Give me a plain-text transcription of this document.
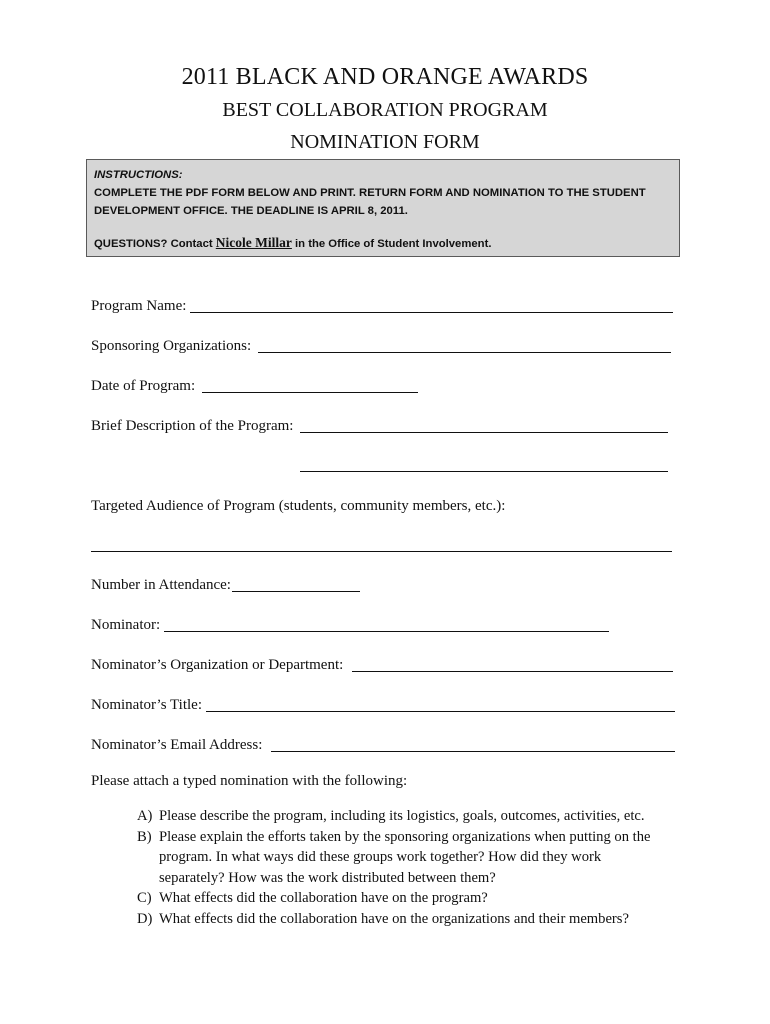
2011 BLACK AND ORANGE AWARDS
BEST COLLABORATION PROGRAM
NOMINATION FORM
INSTRUCTIONS:
COMPLETE THE PDF FORM BELOW AND PRINT. RETURN FORM AND NOMINATION TO THE STUDENT
DEVELOPMENT OFFICE. THE DEADLINE IS APRIL 8, 2011.
QUESTIONS? Contact Nicole Millar in the Office of Student Involvement.
Program Name:
Sponsoring Organizations:
Date of Program:
Brief Description of the Program:
Targeted Audience of Program (students, community members, etc.):
Number in Attendance:
Nominator:
Nominator’s Organization or Department:
Nominator’s Title:
Nominator’s Email Address:
Please attach a typed nomination with the following:
A) Please describe the program, including its logistics, goals, outcomes, activities, etc.
B) Please explain the efforts taken by the sponsoring organizations when putting on the
program. In what ways did these groups work together? How did they work
separately? How was the work distributed between them?
C) What effects did the collaboration have on the program?
D) What effects did the collaboration have on the organizations and their members?
